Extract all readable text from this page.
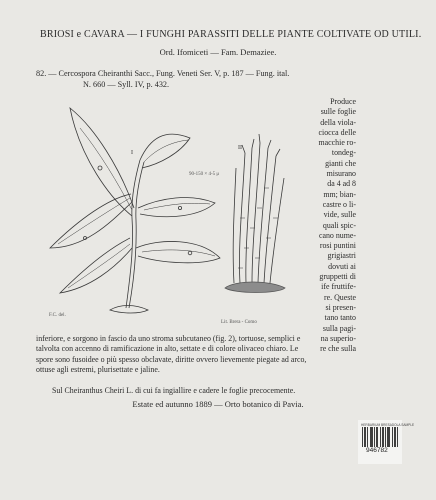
BRIOSI e CAVARA — I FUNGHI PARASSITI DELLE PIANTE COLTIVATE OD UTILI.

Ord. Ifomiceti — Fam. Demaziee.

82. — Cercospora Cheiranthi Sacc., Fung. Veneti Ser. V, p. 187 — Fung. ital.

N. 660 — Syll. IV, p. 432.

I

II

90-150 × 4-5 μ

F.C. del.

Lit. Brera - Como

Produce
sulle foglie
della viola-
ciocca delle
macchie ro-
tondeg-
gianti che
misurano
da 4 ad 8
mm; bian-
castre o li-
vide, sulle
quali spic-
cano nume-
rosi puntini
grigiastri
dovuti ai
gruppetti di
ife fruttife-
re. Queste
si presen-
tano tanto
sulla pagi-
na superio-
re che sulla
inferiore, e sorgono in fascio da uno stroma subcutaneo (fig. 2), tortuose, semplici e
talvolta con accenno di ramificazione in alto, settate e di colore olivaceo chiaro. Le
spore sono fusoidee o più spesso obclavate, diritte ovvero lievemente piegate ad arco,
ottuse agli estremi, plurisettate e jaline.

Sul Cheiranthus Cheiri L. di cui fa ingiallire e cadere le foglie precocemente.

Estate ed autunno 1889 — Orto botanico di Pavia.

HERBARIUM BRESADOLA SAMPLE

946782
